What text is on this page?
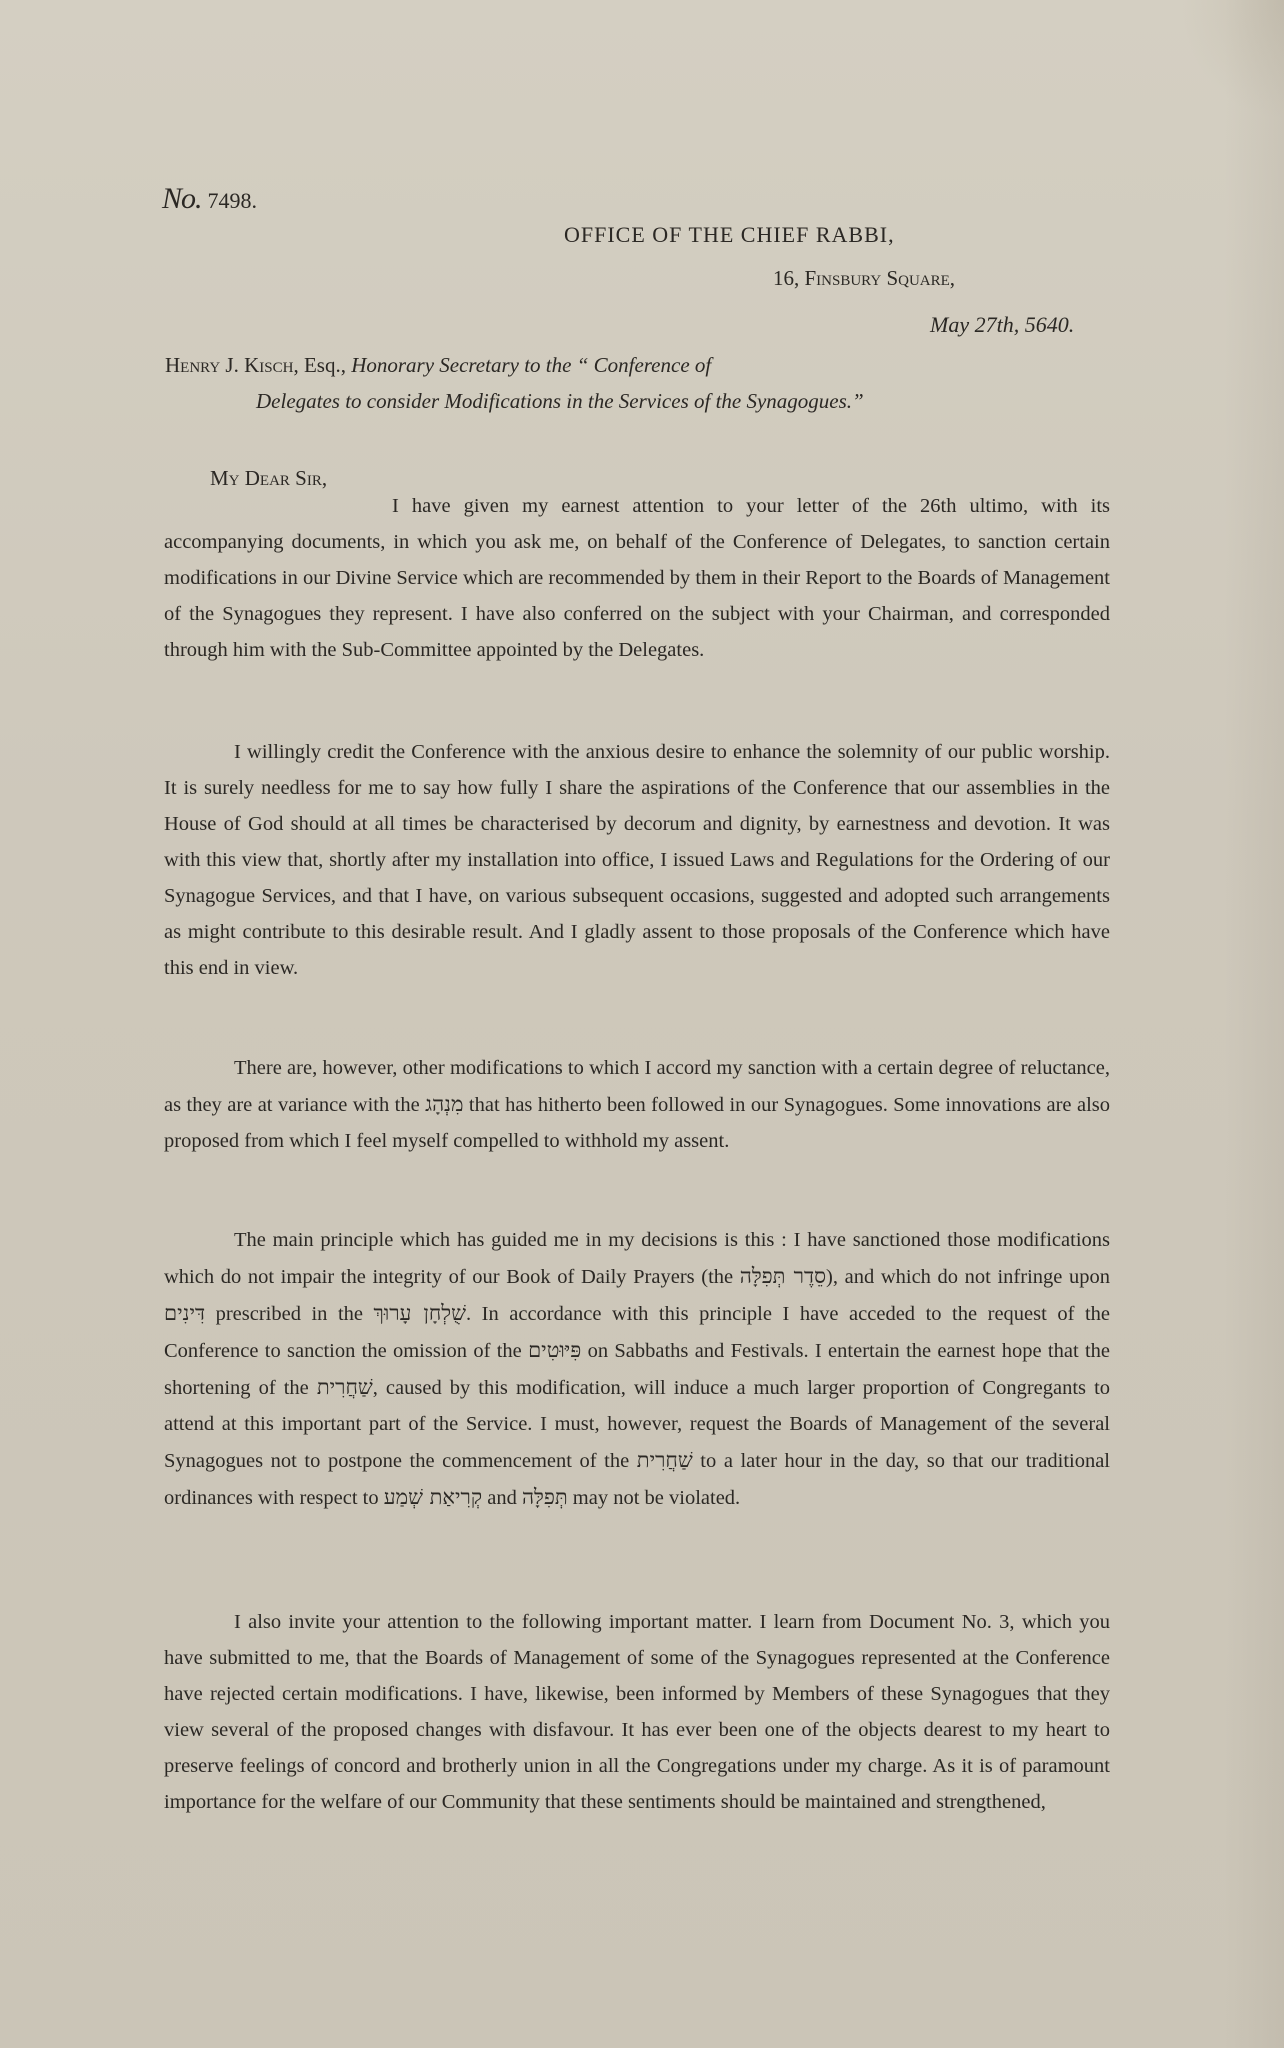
No. 7498.
OFFICE OF THE CHIEF RABBI,
16, Finsbury Square,
May 27th, 5640.
Henry J. Kisch, Esq., Honorary Secretary to the “ Conference of
Delegates to consider Modifications in the Services of the Synagogues.”
My Dear Sir,

I have given my earnest attention to your letter of the 26th ultimo, with its accompanying documents, in which you ask me, on behalf of the Conference of Delegates, to sanction certain modifications in our Divine Service which are recommended by them in their Report to the Boards of Management of the Synagogues they represent. I have also conferred on the subject with your Chairman, and corresponded through him with the Sub-Committee appointed by the Delegates.

I willingly credit the Conference with the anxious desire to enhance the solemnity of our public worship. It is surely needless for me to say how fully I share the aspirations of the Conference that our assemblies in the House of God should at all times be characterised by decorum and dignity, by earnestness and devotion. It was with this view that, shortly after my installation into office, I issued Laws and Regulations for the Ordering of our Synagogue Services, and that I have, on various subsequent occasions, suggested and adopted such arrangements as might contribute to this desirable result. And I gladly assent to those proposals of the Conference which have this end in view.

There are, however, other modifications to which I accord my sanction with a certain degree of reluctance, as they are at variance with the מִנְהָג that has hitherto been followed in our Synagogues. Some innovations are also proposed from which I feel myself compelled to withhold my assent.

The main principle which has guided me in my decisions is this : I have sanctioned those modifications which do not impair the integrity of our Book of Daily Prayers (the סֵדֶר תְּפִלָּה), and which do not infringe upon דִּינִים prescribed in the שֻׁלְחָן עָרוּךְ. In accordance with this principle I have acceded to the request of the Conference to sanction the omission of the פִּיּוּטִים on Sabbaths and Festivals. I entertain the earnest hope that the shortening of the שַׁחֲרִית, caused by this modification, will induce a much larger proportion of Congregants to attend at this important part of the Service. I must, however, request the Boards of Management of the several Synagogues not to postpone the commencement of the שַׁחֲרִית to a later hour in the day, so that our traditional ordinances with respect to קְרִיאַת שְׁמַע and תְּפִלָּה may not be violated.

I also invite your attention to the following important matter. I learn from Document No. 3, which you have submitted to me, that the Boards of Management of some of the Synagogues represented at the Conference have rejected certain modifications. I have, likewise, been informed by Members of these Synagogues that they view several of the proposed changes with disfavour. It has ever been one of the objects dearest to my heart to preserve feelings of concord and brotherly union in all the Congregations under my charge. As it is of paramount importance for the welfare of our Community that these sentiments should be maintained and strengthened,
